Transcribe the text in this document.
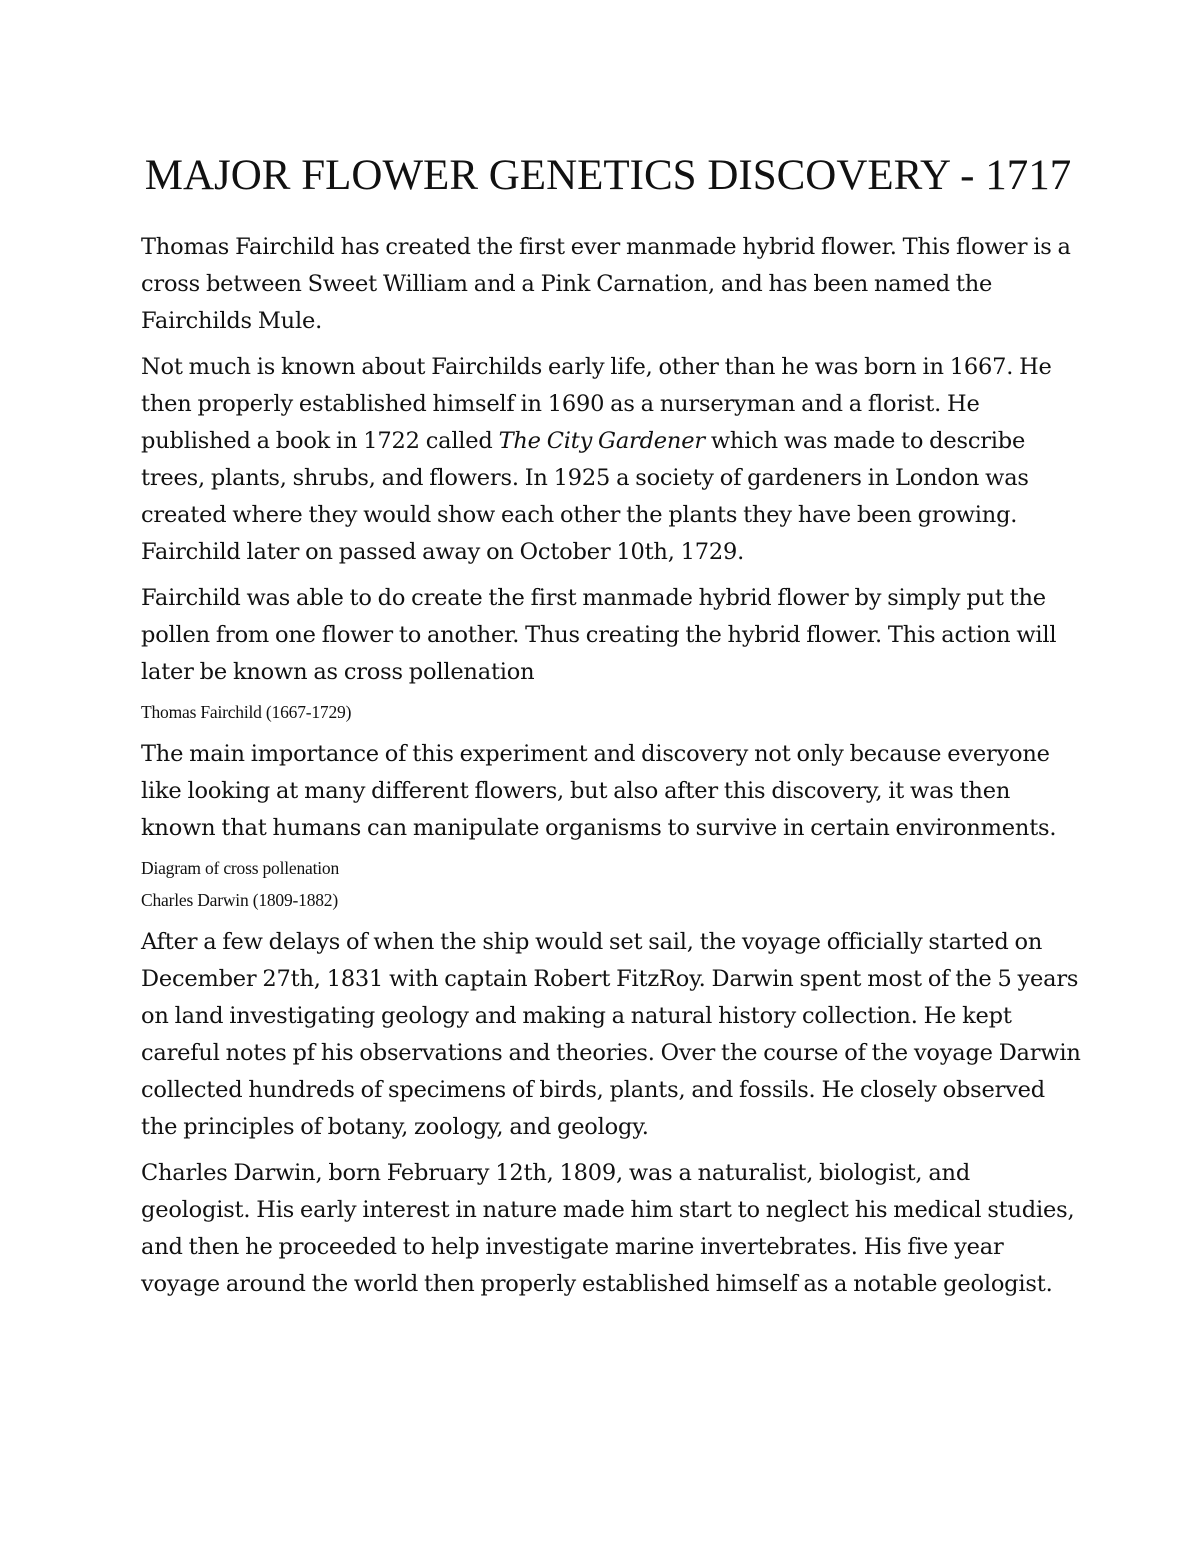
MAJOR FLOWER GENETICS DISCOVERY - 1717

Thomas Fairchild has created the first ever manmade hybrid flower. This flower is a cross between Sweet William and a Pink Carnation, and has been named the Fairchilds Mule.

Not much is known about Fairchilds early life, other than he was born in 1667. He then properly established himself in 1690 as a nurseryman and a florist. He published a book in 1722 called The City Gardener which was made to describe trees, plants, shrubs, and flowers. In 1925 a society of gardeners in London was created where they would show each other the plants they have been growing. Fairchild later on passed away on October 10th, 1729.

Fairchild was able to do create the first manmade hybrid flower by simply put the pollen from one flower to another. Thus creating the hybrid flower. This action will later be known as cross pollenation

Thomas Fairchild (1667-1729)

The main importance of this experiment and discovery not only because everyone like looking at many different flowers, but also after this discovery, it was then known that humans can manipulate organisms to survive in certain environments.

Diagram of cross pollenation

Charles Darwin (1809-1882)

After a few delays of when the ship would set sail, the voyage officially started on December 27th, 1831 with captain Robert FitzRoy. Darwin spent most of the 5 years on land investigating geology and making a natural history collection. He kept careful notes pf his observations and theories. Over the course of the voyage Darwin collected hundreds of specimens of birds, plants, and fossils. He closely observed the principles of botany, zoology, and geology.

Charles Darwin, born February 12th, 1809, was a naturalist, biologist, and geologist. His early interest in nature made him start to neglect his medical studies, and then he proceeded to help investigate marine invertebrates. His five year voyage around the world then properly established himself as a notable geologist.
